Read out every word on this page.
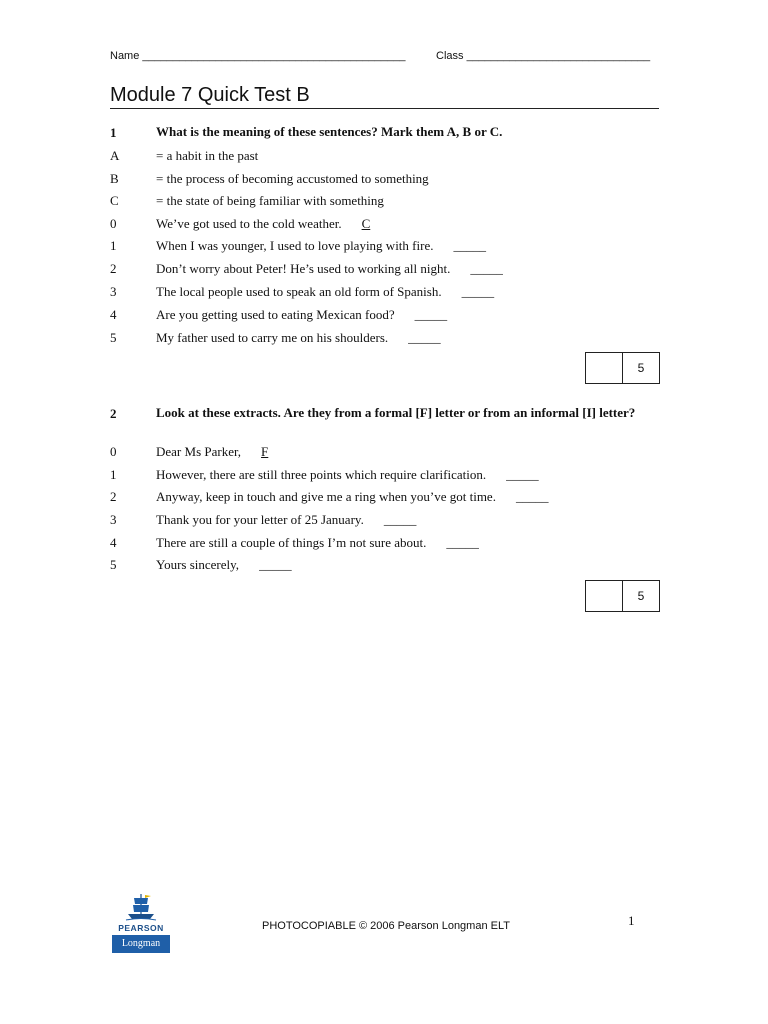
Name ___________________________________________	Class ______________________________
Module 7 Quick Test B
1	What is the meaning of these sentences? Mark them A, B or C.
A	= a habit in the past
B	= the process of becoming accustomed to something
C	= the state of being familiar with something
0	We’ve got used to the cold weather. C
1	When I was younger, I used to love playing with fire. _____
2	Don’t worry about Peter! He’s used to working all night. _____
3	The local people used to speak an old form of Spanish. _____
4	Are you getting used to eating Mexican food? _____
5	My father used to carry me on his shoulders. _____
5
2	Look at these extracts. Are they from a formal [F] letter or from an informal [I] letter?
0	Dear Ms Parker, F
1	However, there are still three points which require clarification. _____
2	Anyway, keep in touch and give me a ring when you’ve got time. _____
3	Thank you for your letter of 25 January. _____
4	There are still a couple of things I’m not sure about. _____
5	Yours sincerely, _____
5
PEARSON
Longman
PHOTOCOPIABLE © 2006 Pearson Longman ELT	1
